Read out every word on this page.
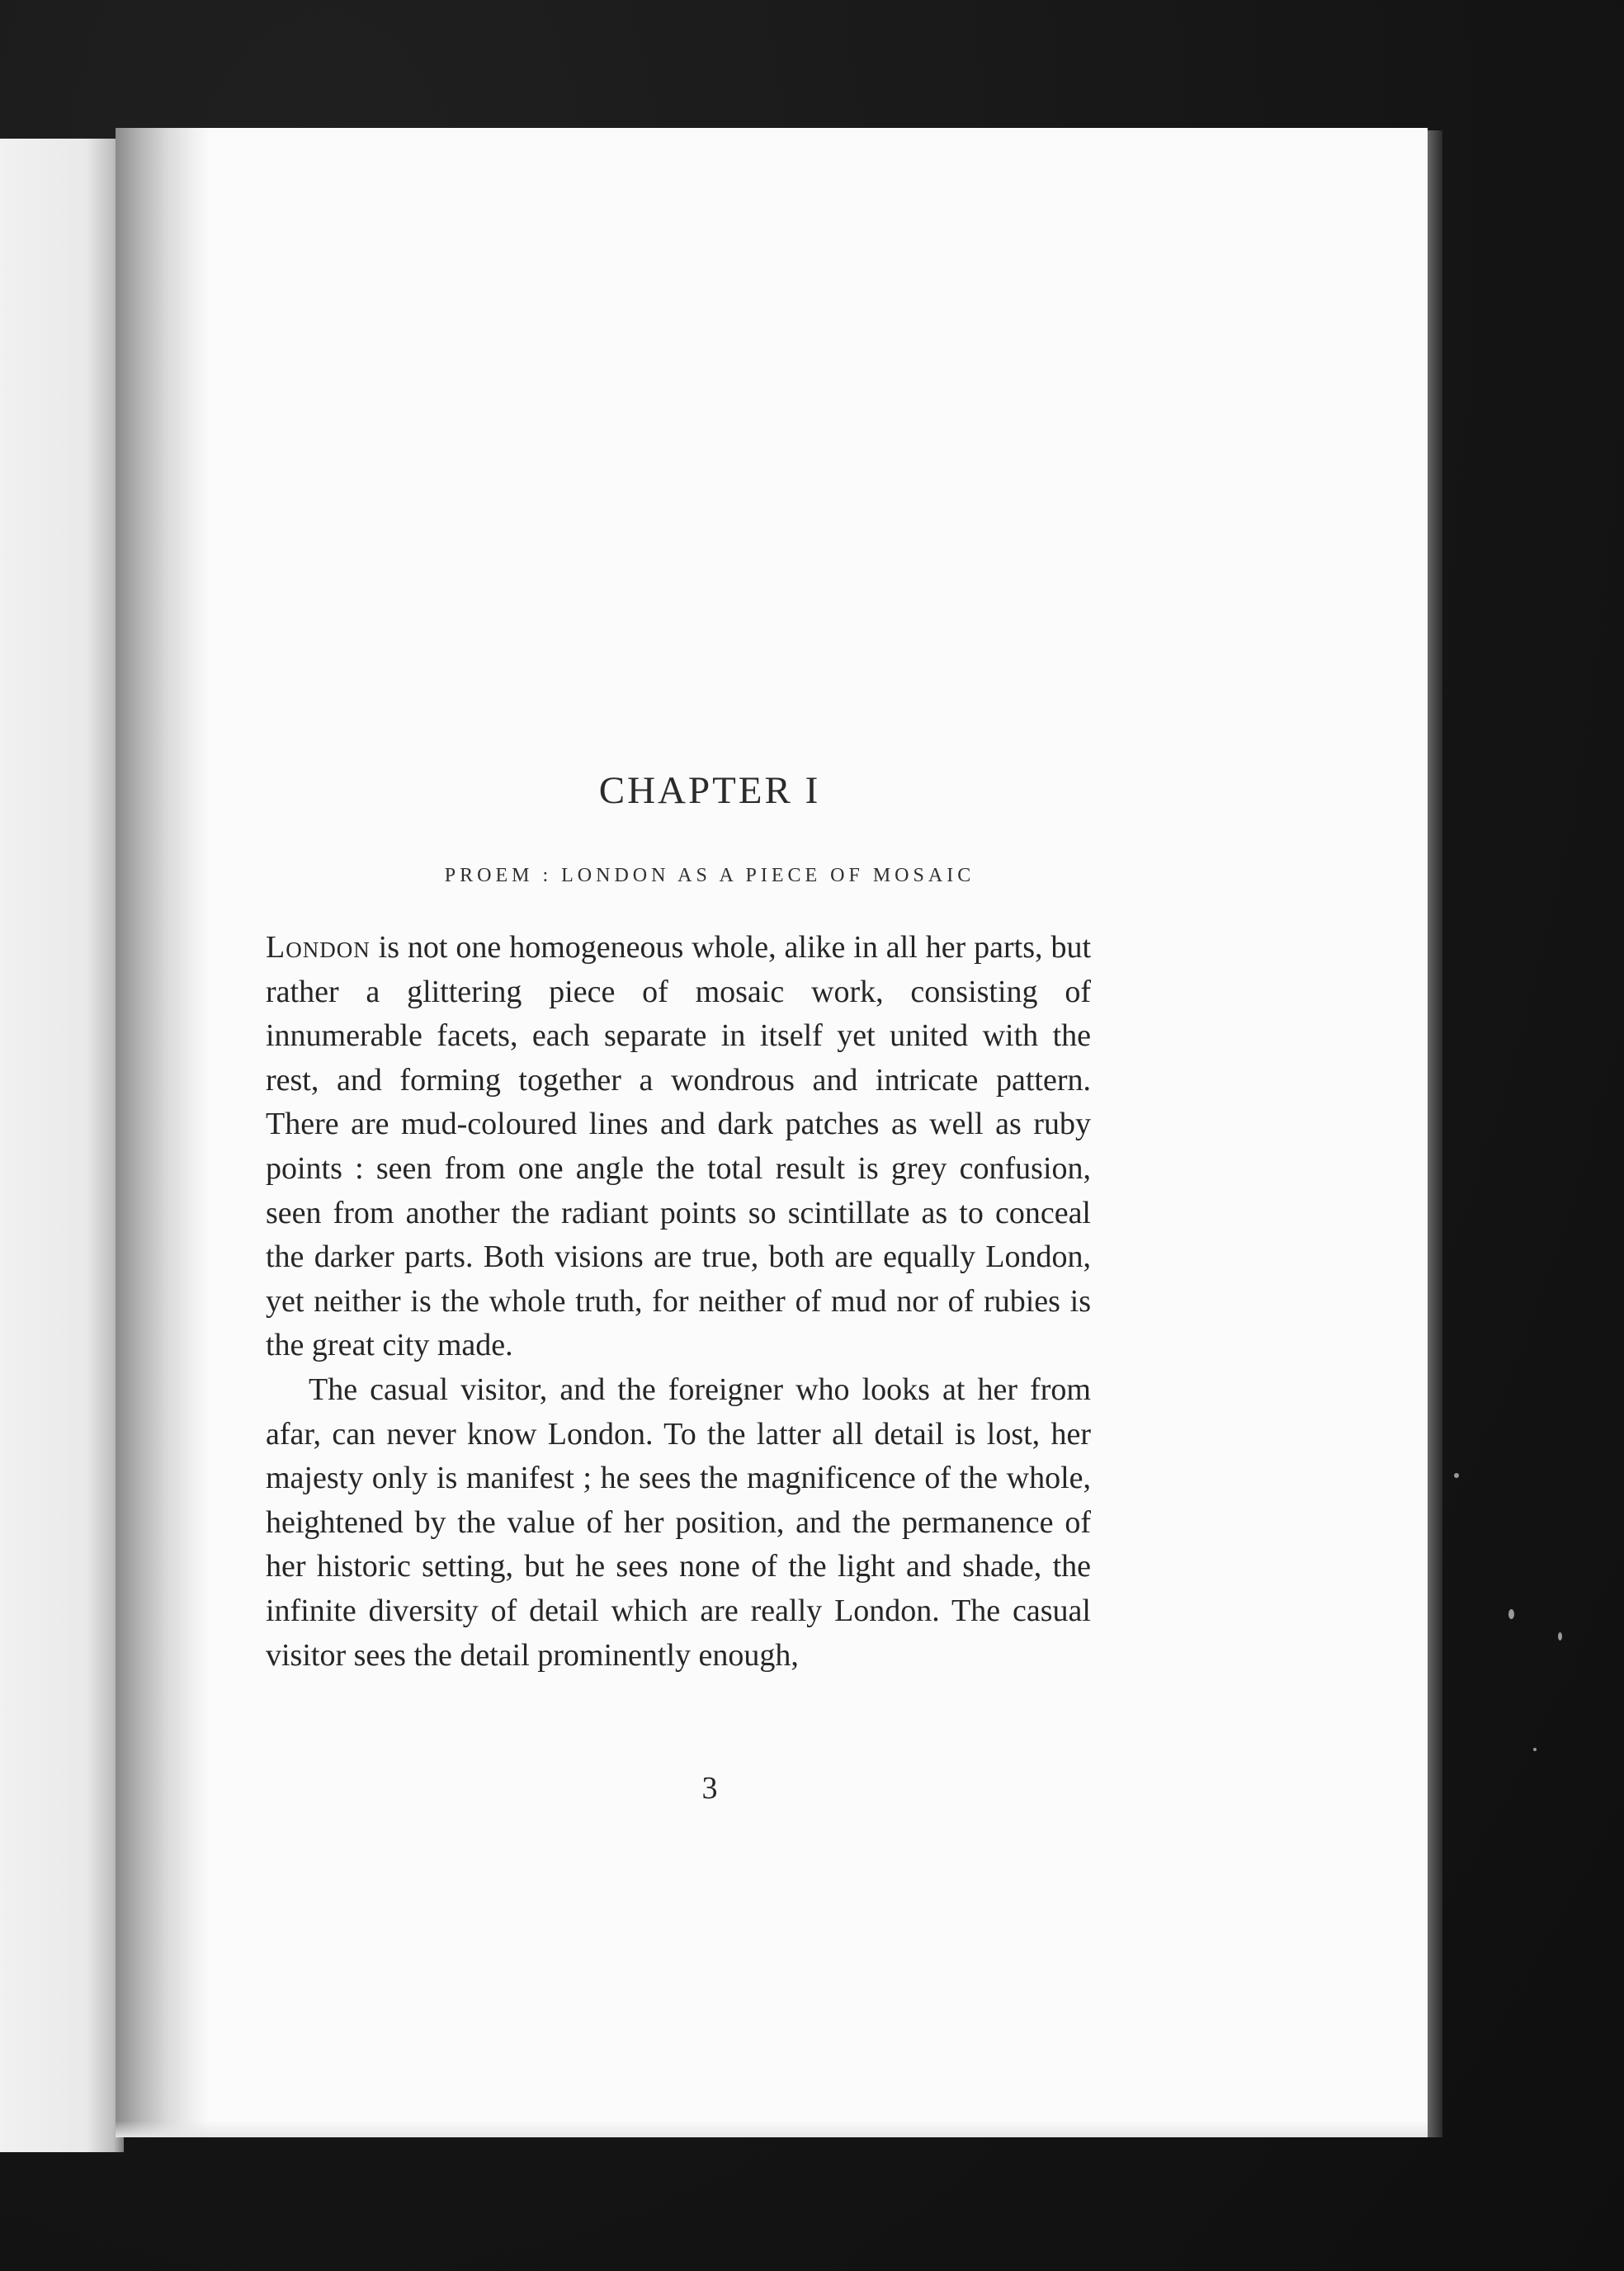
CHAPTER I
PROEM : LONDON AS A PIECE OF MOSAIC

London is not one homogeneous whole, alike in all her parts, but rather a glittering piece of mosaic work, consisting of innumerable facets, each separate in itself yet united with the rest, and forming together a wondrous and intricate pattern. There are mud-coloured lines and dark patches as well as ruby points : seen from one angle the total result is grey confusion, seen from another the radiant points so scintillate as to conceal the darker parts. Both visions are true, both are equally London, yet neither is the whole truth, for neither of mud nor of rubies is the great city made.

The casual visitor, and the foreigner who looks at her from afar, can never know London. To the latter all detail is lost, her majesty only is manifest ; he sees the magnificence of the whole, heightened by the value of her position, and the permanence of her historic setting, but he sees none of the light and shade, the infinite diversity of detail which are really London. The casual visitor sees the detail prominently enough,

3
